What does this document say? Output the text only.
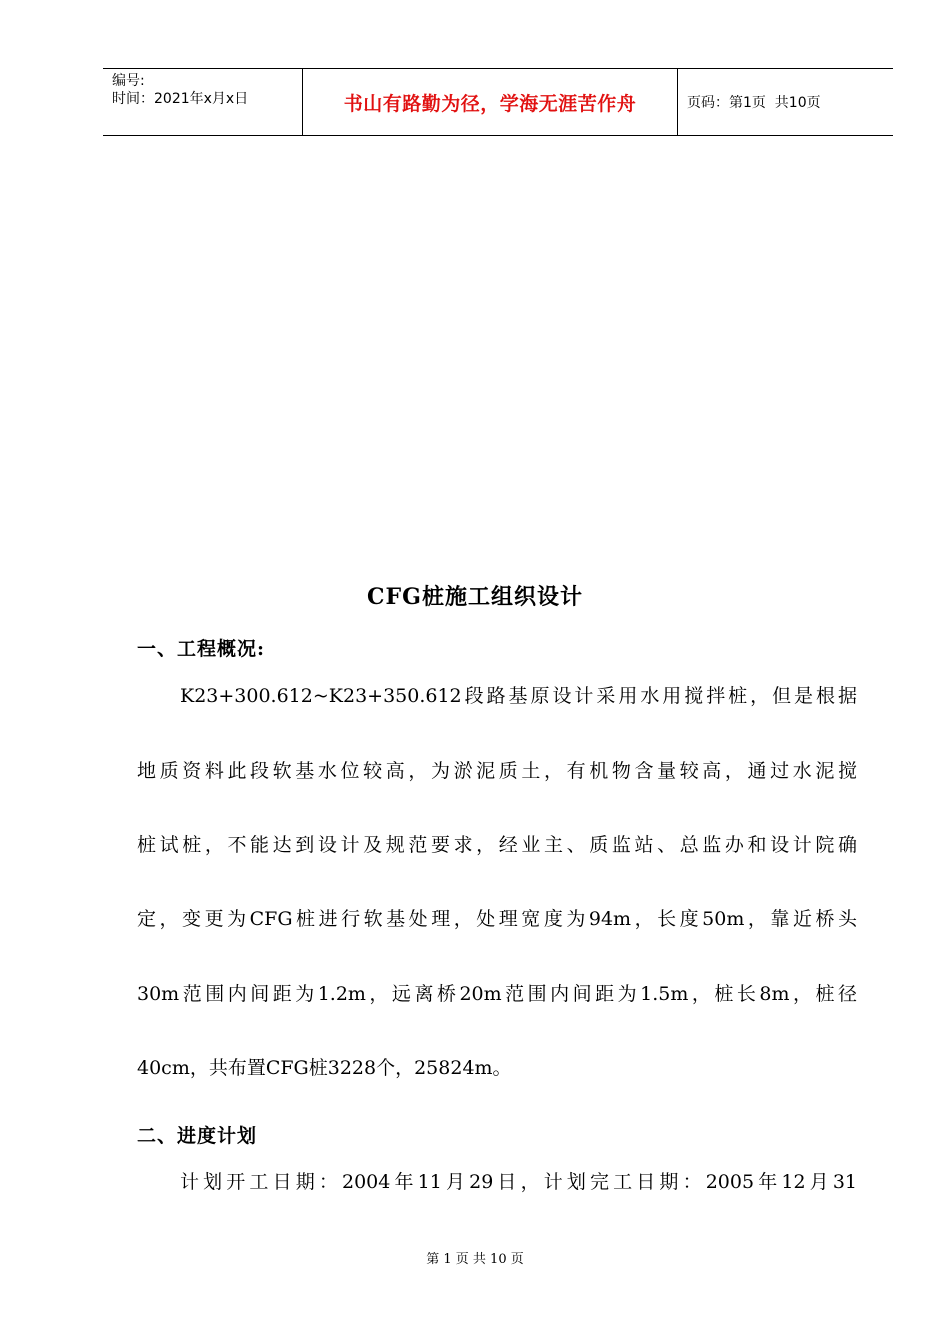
编号:
时间：2021年x月x日	书山有路勤为径，学海无涯苦作舟	页码：第1页  共10页
CFG桩施工组织设计
一、工程概况:
K23+300.612~K23+350.612段路基原设计采用水用搅拌桩，但是根据
地质资料此段软基水位较高，为淤泥质土，有机物含量较高，通过水泥搅
桩试桩，不能达到设计及规范要求，经业主、质监站、总监办和设计院确
定，变更为CFG桩进行软基处理，处理宽度为94m，长度50m，靠近桥头
30m范围内间距为1.2m，远离桥20m范围内间距为1.5m，桩长8m，桩径
40cm，共布置CFG桩3228个，25824m。
二、进度计划
计划开工日期：2004年11月29日，计划完工日期：2005年12月31
第 1 页 共 10 页
